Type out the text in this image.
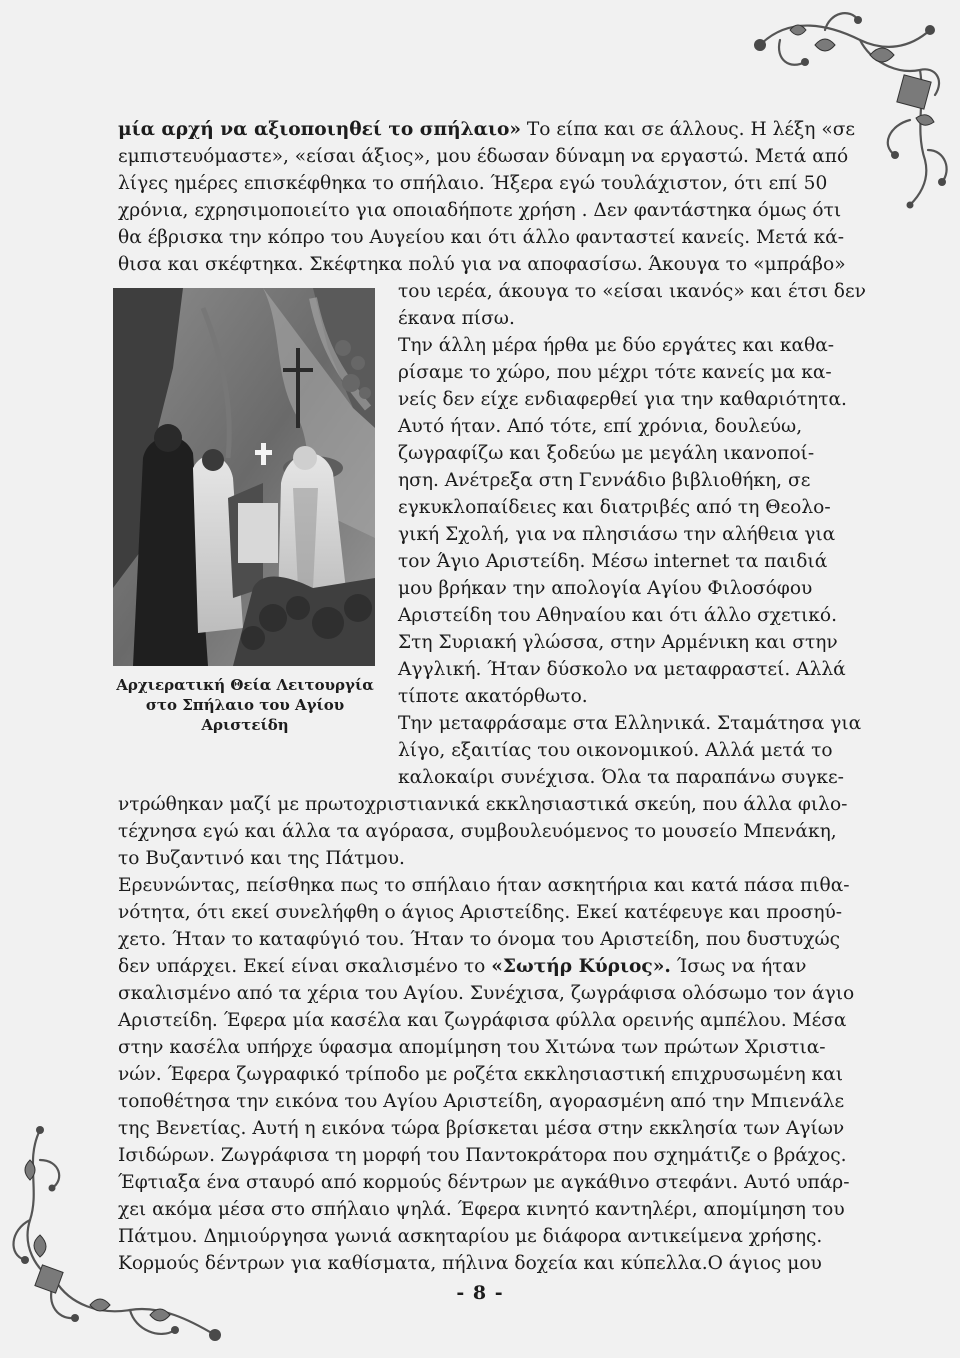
μία αρχή να αξιοποιηθεί το σπήλαιο» Το είπα και σε άλλους. Η λέξη «σε

εμπιστευόμαστε», «είσαι άξιος», μου έδωσαν δύναμη να εργαστώ. Μετά από

λίγες ημέρες επισκέφθηκα το σπήλαιο. Ήξερα εγώ τουλάχιστον, ότι επί 50

χρόνια, εχρησιμοποιείτο για οποιαδήποτε χρήση . Δεν φαντάστηκα όμως ότι

θα έβρισκα την κόπρο του Αυγείου και ότι άλλο φανταστεί κανείς. Μετά κά-

θισα και σκέφτηκα. Σκέφτηκα πολύ για να αποφασίσω. Άκουγα το «μπράβο»

του ιερέα, άκουγα το «είσαι ικανός» και έτσι δεν

έκανα πίσω.

Την άλλη μέρα ήρθα με δύο εργάτες και καθα-

ρίσαμε το χώρο, που μέχρι τότε κανείς μα κα-

νείς δεν είχε ενδιαφερθεί για την καθαριότητα.

Αυτό ήταν. Από τότε, επί χρόνια, δουλεύω,

ζωγραφίζω και ξοδεύω με μεγάλη ικανοποί-

ηση. Ανέτρεξα στη Γεννάδιο βιβλιοθήκη, σε

εγκυκλοπαίδειες και διατριβές από τη Θεολο-

γική Σχολή, για να πλησιάσω την αλήθεια για

τον Άγιο Αριστείδη. Μέσω internet τα παιδιά

μου βρήκαν την απολογία Αγίου Φιλοσόφου

Αριστείδη του Αθηναίου και ότι άλλο σχετικό.

Στη Συριακή γλώσσα, στην Αρμένικη και στην

Αγγλική. Ήταν δύσκολο να μεταφραστεί. Αλλά

τίποτε ακατόρθωτο.

Την μεταφράσαμε στα Ελληνικά. Σταμάτησα για

λίγο, εξαιτίας του οικονομικού. Αλλά μετά το

καλοκαίρι συνέχισα. Όλα τα παραπάνω συγκε-

ντρώθηκαν μαζί με πρωτοχριστιανικά εκκλησιαστικά σκεύη, που άλλα φιλο-

τέχνησα εγώ και άλλα τα αγόρασα, συμβουλευόμενος το μουσείο Μπενάκη,

το Βυζαντινό και της Πάτμου.

Ερευνώντας, πείσθηκα πως το σπήλαιο ήταν ασκητήρια και κατά πάσα πιθα-

νότητα, ότι εκεί συνελήφθη ο άγιος Αριστείδης. Εκεί κατέφευγε και προσηύ-

χετο. Ήταν το καταφύγιό του. Ήταν το όνομα του Αριστείδη, που δυστυχώς

δεν υπάρχει. Εκεί είναι σκαλισμένο το «Σωτήρ Κύριος». Ίσως να ήταν

σκαλισμένο από τα χέρια του Αγίου. Συνέχισα, ζωγράφισα ολόσωμο τον άγιο

Αριστείδη. Έφερα μία κασέλα και ζωγράφισα φύλλα ορεινής αμπέλου. Μέσα

στην κασέλα υπήρχε ύφασμα απομίμηση του Χιτώνα των πρώτων Χριστια-

νών. Έφερα ζωγραφικό τρίποδο με ροζέτα εκκλησιαστική επιχρυσωμένη και

τοποθέτησα την εικόνα του Αγίου Αριστείδη, αγορασμένη από την Μπιενάλε

της Βενετίας. Αυτή η εικόνα τώρα βρίσκεται μέσα στην εκκλησία των Αγίων

Ισιδώρων. Ζωγράφισα τη μορφή του Παντοκράτορα που σχημάτιζε ο βράχος.

Έφτιαξα ένα σταυρό από κορμούς δέντρων με αγκάθινο στεφάνι. Αυτό υπάρ-

χει ακόμα μέσα στο σπήλαιο ψηλά. Έφερα κινητό καντηλέρι, απομίμηση του

Πάτμου. Δημιούργησα γωνιά ασκηταρίου με διάφορα αντικείμενα χρήσης.

Κορμούς δέντρων για καθίσματα, πήλινα δοχεία και κύπελλα.Ο άγιος μου

Αρχιερατική Θεία Λειτουργία
στο Σπήλαιο του Αγίου
Αριστείδη
- 8 -
